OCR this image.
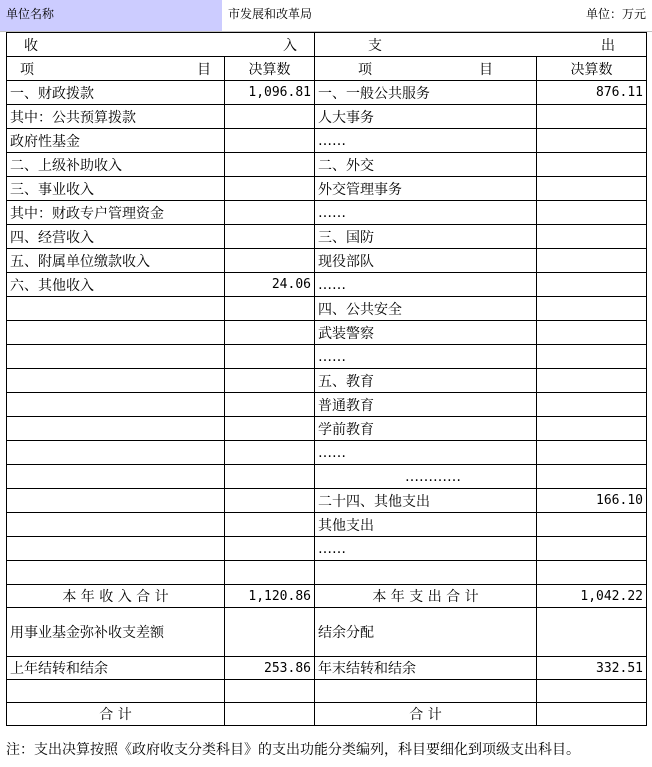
单位名称	市发展和改革局	单位：万元
收 入		支 出	

项 目	决算数	项 目	决算数
一、财政拨款	1,096.81	一、一般公共服务	876.11
其中：公共预算拨款		人大事务	
政府性基金		……	
二、上级补助收入		二、外交	
三、事业收入		外交管理事务	
其中：财政专户管理资金		……	
四、经营收入		三、国防	
五、附属单位缴款收入		现役部队	
六、其他收入	24.06	……	
		四、公共安全	
		武装警察	
		……	
		五、教育	
		普通教育	
		学前教育	
		……	
		…………	
		二十四、其他支出	166.10
		其他支出	
		……	

本 年 收 入 合 计	1,120.86	本 年 支 出 合 计	1,042.22
用事业基金弥补收支差额		结余分配	
上年结转和结余	253.86	年末结转和结余	332.51

合 计		合 计	
注：支出决算按照《政府收支分类科目》的支出功能分类编列，科目要细化到项级支出科目。
